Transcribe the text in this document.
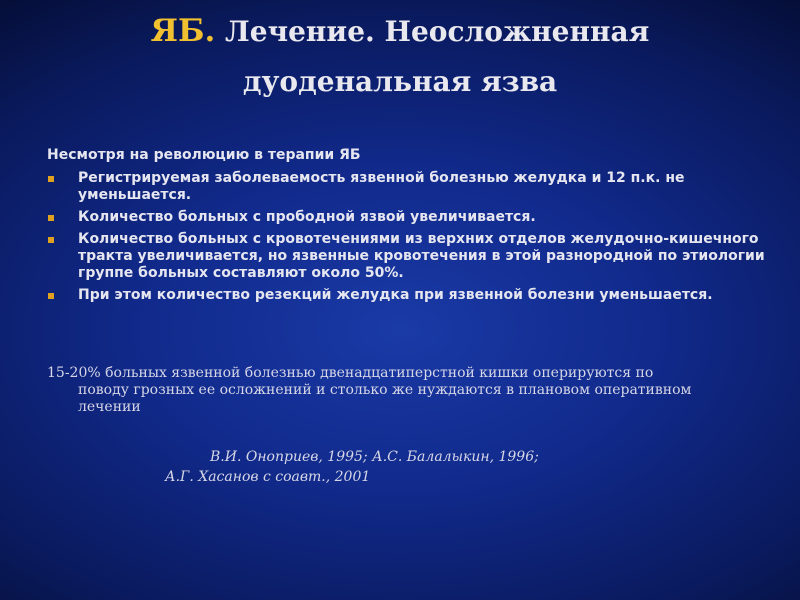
ЯБ. Лечение. Неосложненная
дуоденальная язва
Несмотря на революцию в терапии ЯБ
Регистрируемая заболеваемость язвенной болезнью желудка и 12 п.к. не уменьшается.
Количество больных с прободной язвой увеличивается.
Количество больных с кровотечениями из верхних отделов желудочно-кишечного тракта увеличивается, но язвенные кровотечения в этой разнородной по этиологии группе больных составляют около 50%.
При этом количество резекций желудка при язвенной болезни уменьшается.
15-20% больных язвенной болезнью двенадцатиперстной кишки оперируются по
поводу грозных ее осложнений и столько же нуждаются в плановом оперативном лечении
В.И. Оноприев, 1995; А.С. Балалыкин, 1996;
А.Г. Хасанов с соавт., 2001
